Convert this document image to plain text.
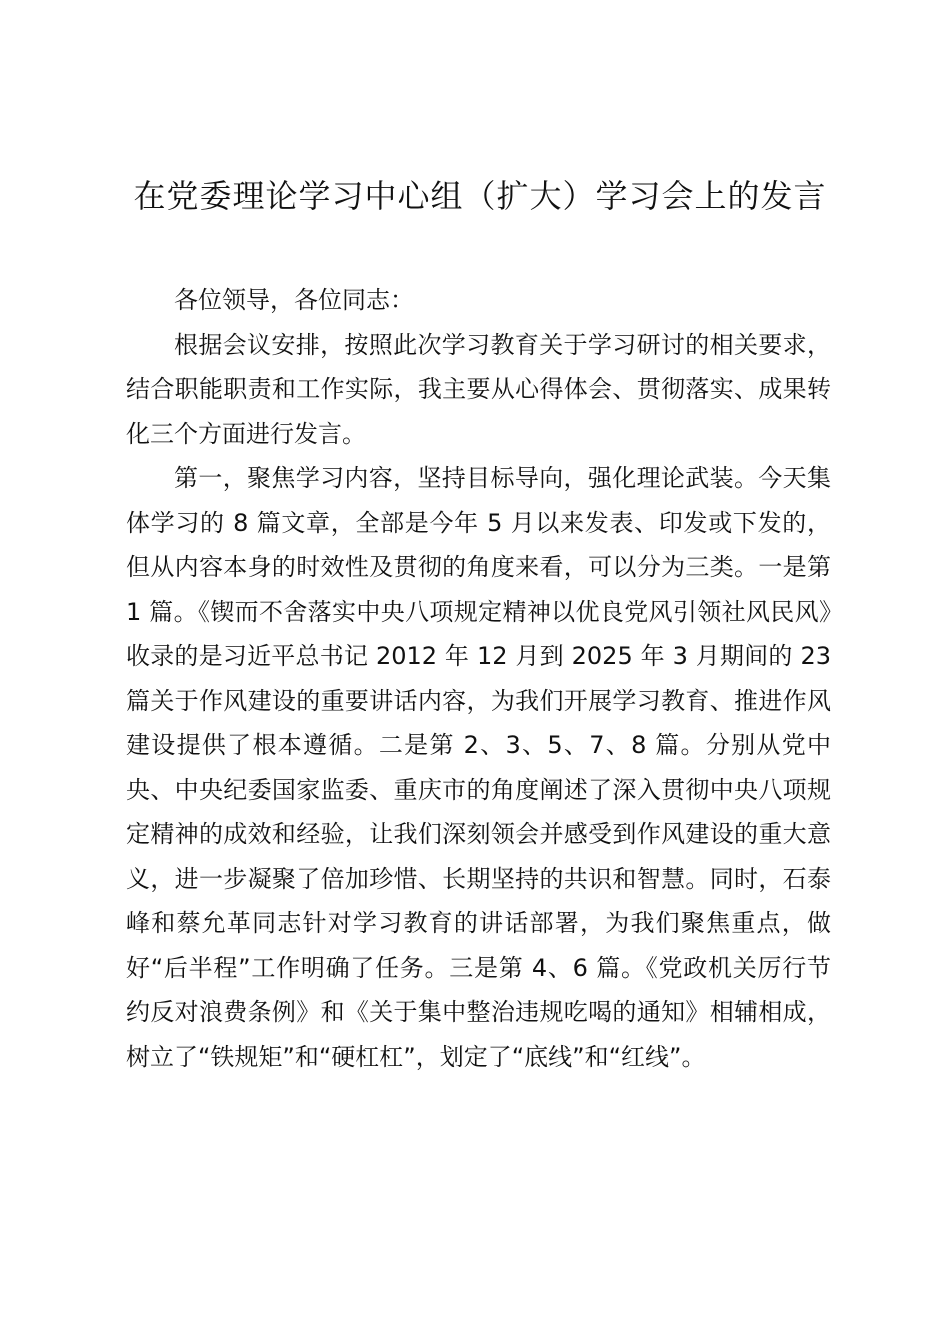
在党委理论学习中心组（扩大）学习会上的发言

各位领导，各位同志：

根据会议安排，按照此次学习教育关于学习研讨的相关要求，结合职能职责和工作实际，我主要从心得体会、贯彻落实、成果转化三个方面进行发言。

第一，聚焦学习内容，坚持目标导向，强化理论武装。今天集体学习的 8 篇文章，全部是今年 5 月以来发表、印发或下发的，但从内容本身的时效性及贯彻的角度来看，可以分为三类。一是第 1 篇。《锲而不舍落实中央八项规定精神以优良党风引领社风民风》收录的是习近平总书记 2012 年 12 月到 2025 年 3 月期间的 23 篇关于作风建设的重要讲话内容，为我们开展学习教育、推进作风建设提供了根本遵循。二是第 2、3、5、7、8 篇。分别从党中央、中央纪委国家监委、重庆市的角度阐述了深入贯彻中央八项规定精神的成效和经验，让我们深刻领会并感受到作风建设的重大意义，进一步凝聚了倍加珍惜、长期坚持的共识和智慧。同时，石泰峰和蔡允革同志针对学习教育的讲话部署，为我们聚焦重点，做好“后半程”工作明确了任务。三是第 4、6 篇。《党政机关厉行节约反对浪费条例》和《关于集中整治违规吃喝的通知》相辅相成，树立了“铁规矩”和“硬杠杠”，划定了“底线”和“红线”。
